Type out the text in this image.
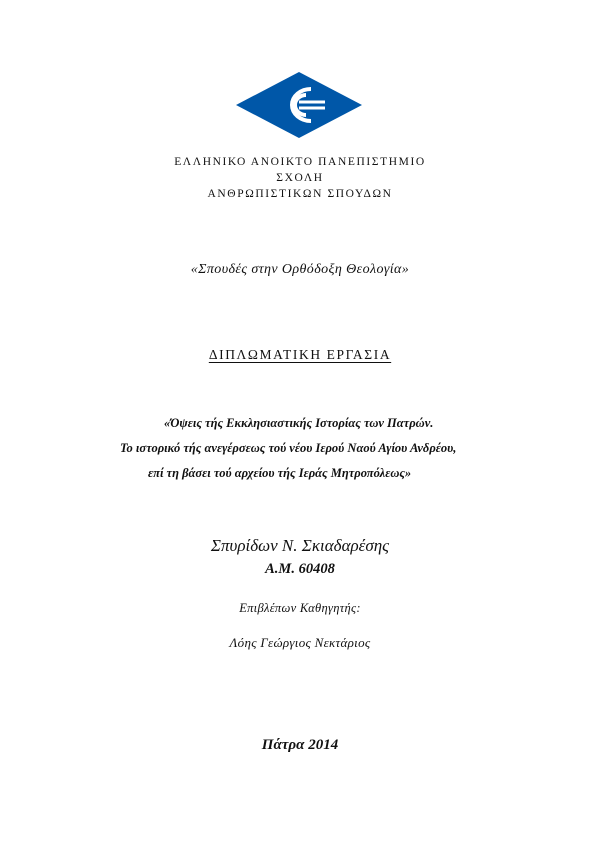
ΕΛΛΗΝΙΚΟ ΑΝΟΙΚΤΟ ΠΑΝΕΠΙΣΤΗΜΙΟ
ΣΧΟΛΗ
ΑΝΘΡΩΠΙΣΤΙΚΩΝ ΣΠΟΥΔΩΝ
«Σπουδές στην Ορθόδοξη Θεολογία»
ΔΙΠΛΩΜΑΤΙΚΗ ΕΡΓΑΣΙΑ
«Όψεις τής Εκκλησιαστικής Ιστορίας των Πατρών.
Το ιστορικό τής ανεγέρσεως τού νέου Ιερού Ναού Αγίου Ανδρέου,
επί τη βάσει τού αρχείου τής Ιεράς Μητροπόλεως»
Σπυρίδων Ν. Σκιαδαρέσης
Α.Μ. 60408
Επιβλέπων Καθηγητής:
Λόης Γεώργιος Νεκτάριος
Πάτρα 2014
